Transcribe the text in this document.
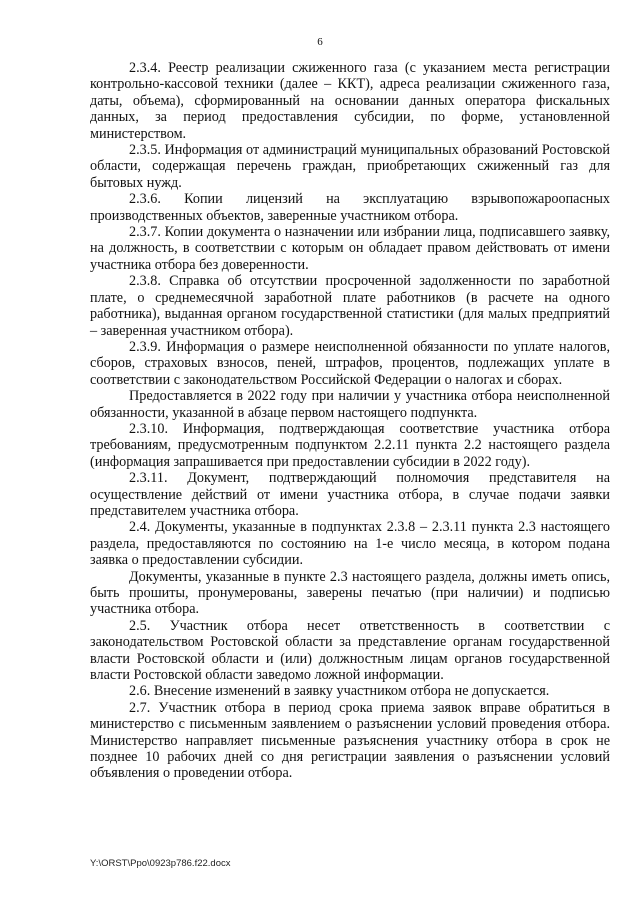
6

2.3.4. Реестр реализации сжиженного газа (с указанием места регистрации контрольно-кассовой техники (далее – ККТ), адреса реализации сжиженного газа, даты, объема), сформированный на основании данных оператора фискальных данных, за период предоставления субсидии, по форме, установленной министерством.

2.3.5. Информация от администраций муниципальных образований Ростовской области, содержащая перечень граждан, приобретающих сжиженный газ для бытовых нужд.

2.3.6. Копии лицензий на эксплуатацию взрывопожароопасных производственных объектов, заверенные участником отбора.

2.3.7. Копии документа о назначении или избрании лица, подписавшего заявку, на должность, в соответствии с которым он обладает правом действовать от имени участника отбора без доверенности.

2.3.8. Справка об отсутствии просроченной задолженности по заработной плате, о среднемесячной заработной плате работников (в расчете на одного работника), выданная органом государственной статистики (для малых предприятий – заверенная участником отбора).

2.3.9. Информация о размере неисполненной обязанности по уплате налогов, сборов, страховых взносов, пеней, штрафов, процентов, подлежащих уплате в соответствии с законодательством Российской Федерации о налогах и сборах.

Предоставляется в 2022 году при наличии у участника отбора неисполненной обязанности, указанной в абзаце первом настоящего подпункта.

2.3.10. Информация, подтверждающая соответствие участника отбора требованиям, предусмотренным подпунктом 2.2.11 пункта 2.2 настоящего раздела (информация запрашивается при предоставлении субсидии в 2022 году).

2.3.11. Документ, подтверждающий полномочия представителя на осуществление действий от имени участника отбора, в случае подачи заявки представителем участника отбора.

2.4. Документы, указанные в подпунктах 2.3.8 – 2.3.11 пункта 2.3 настоящего раздела, предоставляются по состоянию на 1-е число месяца, в котором подана заявка о предоставлении субсидии.

Документы, указанные в пункте 2.3 настоящего раздела, должны иметь опись, быть прошиты, пронумерованы, заверены печатью (при наличии) и подписью участника отбора.

2.5. Участник отбора несет ответственность в соответствии с законодательством Ростовской области за представление органам государственной власти Ростовской области и (или) должностным лицам органов государственной власти Ростовской области заведомо ложной информации.

2.6. Внесение изменений в заявку участником отбора не допускается.

2.7. Участник отбора в период срока приема заявок вправе обратиться в министерство с письменным заявлением о разъяснении условий проведения отбора. Министерство направляет письменные разъяснения участнику отбора в срок не позднее 10 рабочих дней со дня регистрации заявления о разъяснении условий объявления о проведении отбора.

Y:\ORST\Ppo\0923p786.f22.docx
